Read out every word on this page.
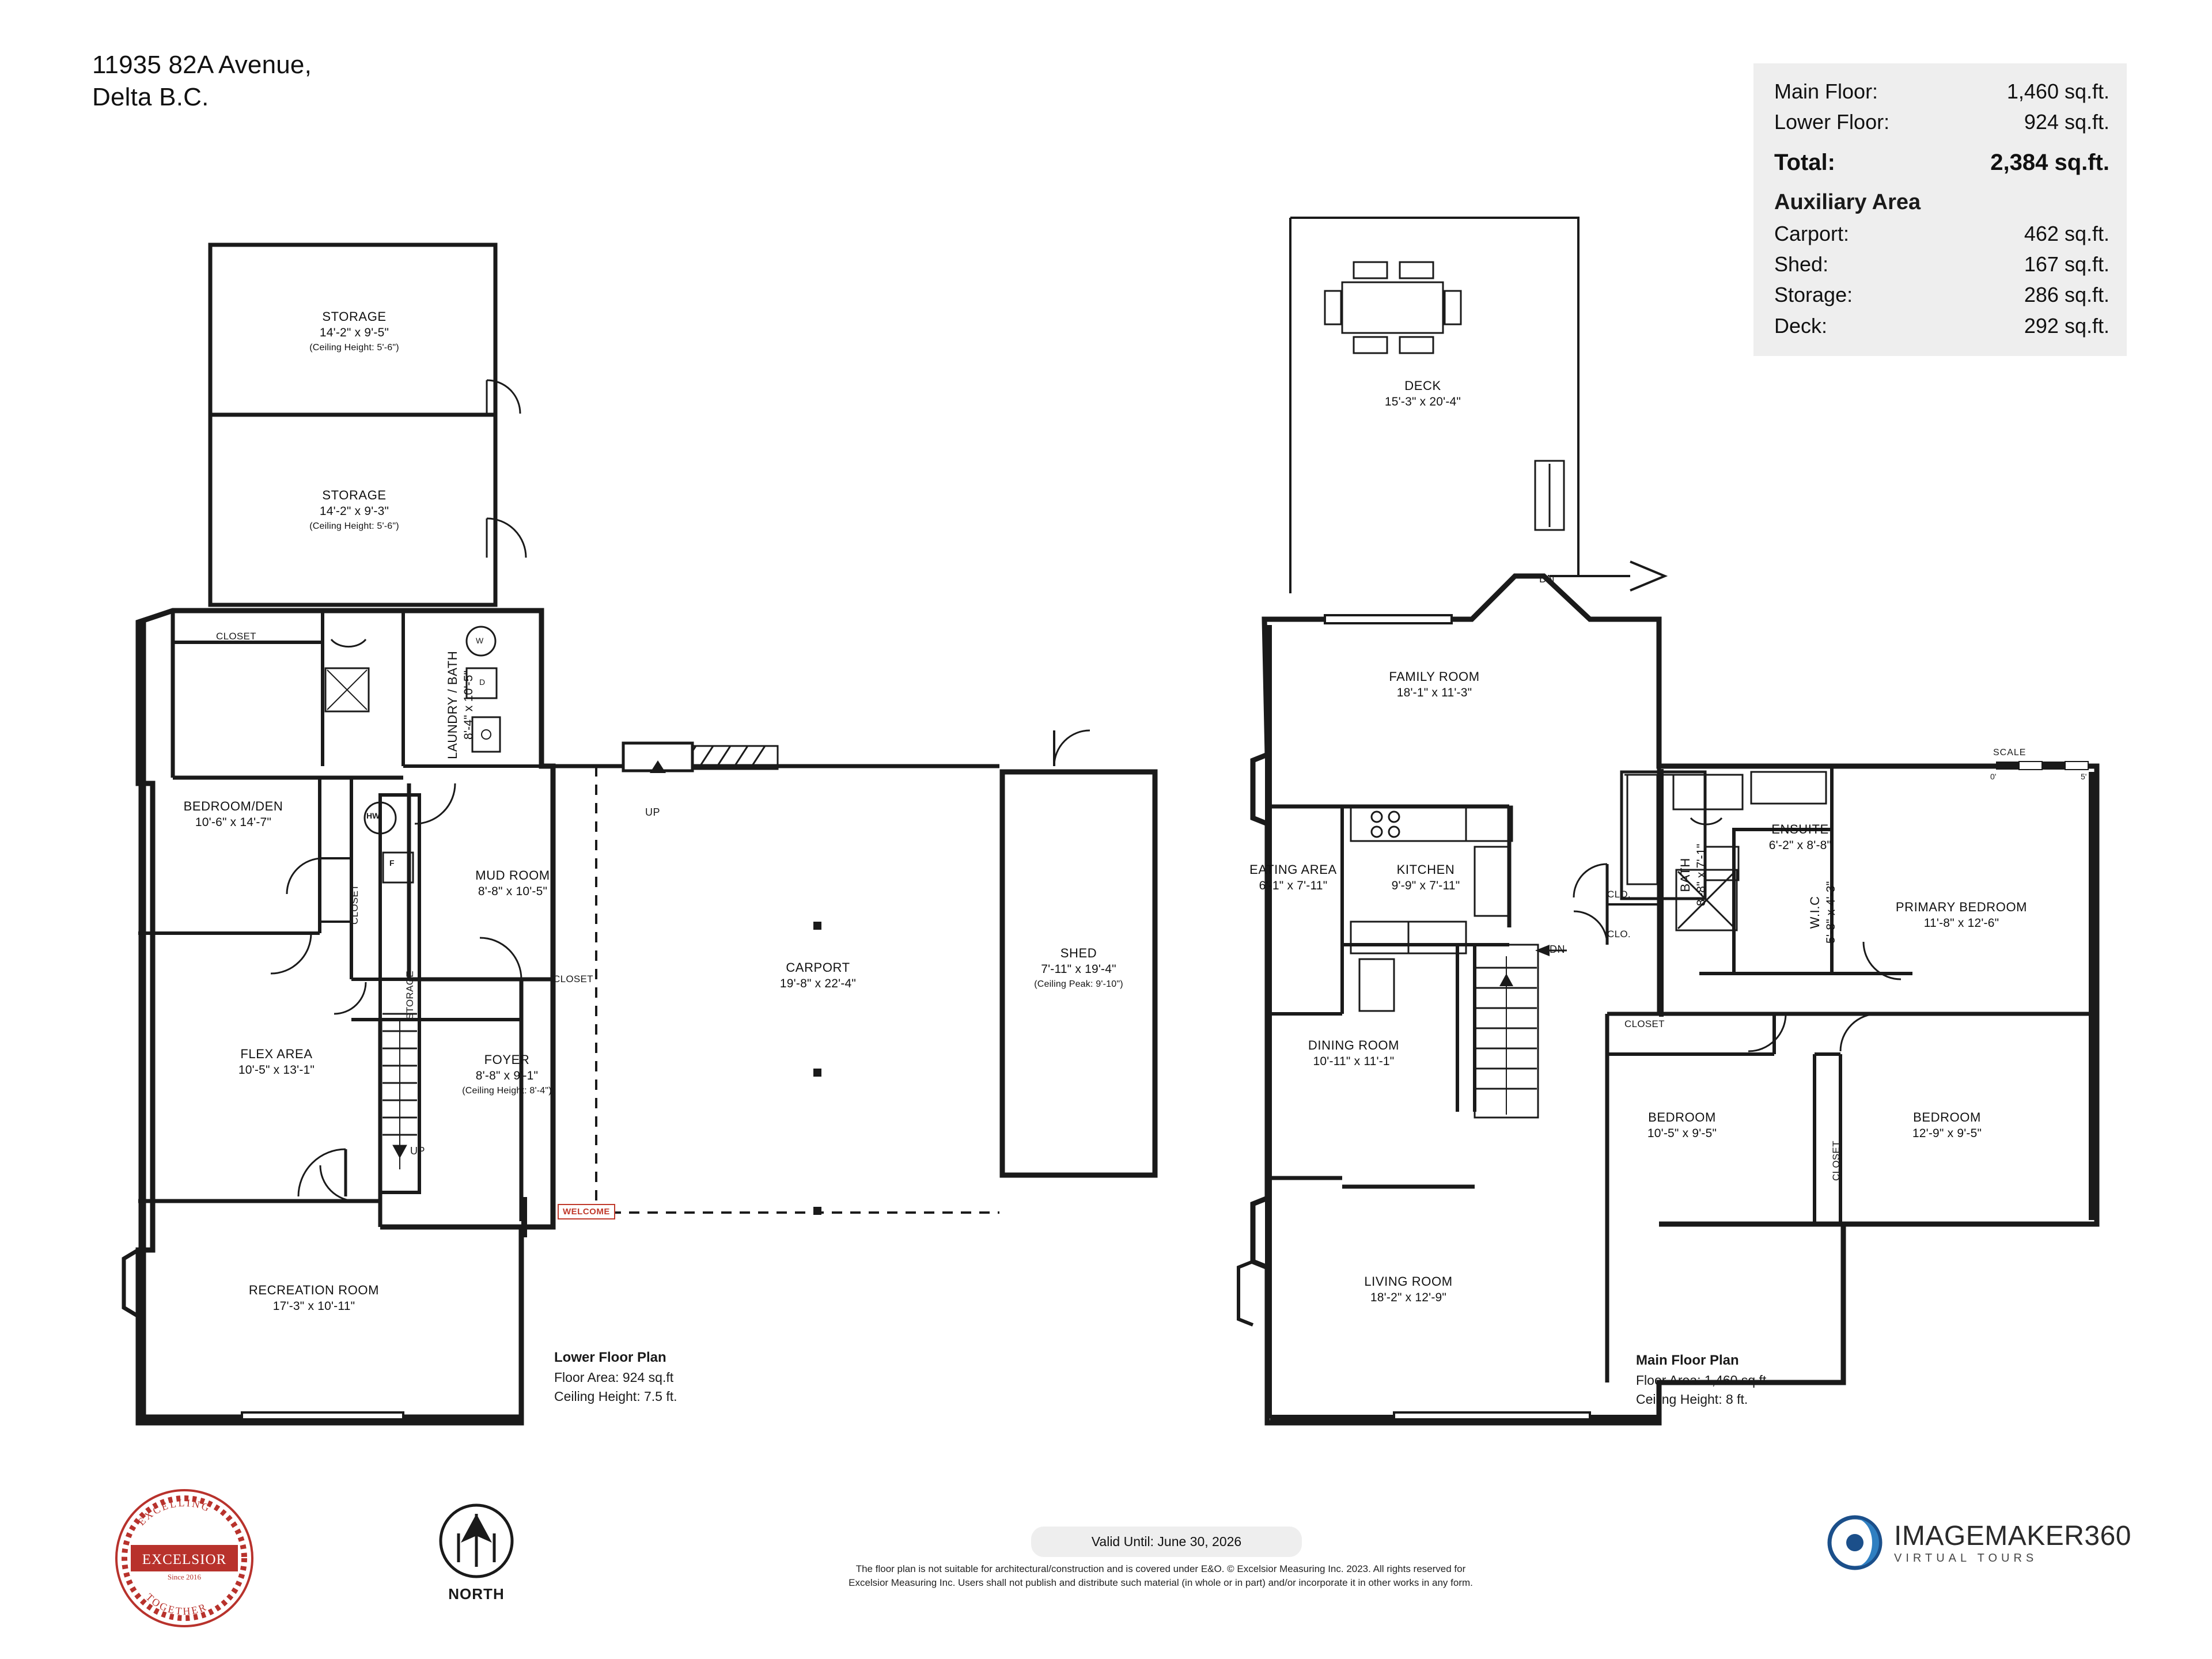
11935 82A Avenue,
Delta B.C.	Main Floor:	1,460 sq.ft.
Lower Floor:	924 sq.ft.
Total:	2,384 sq.ft.
Auxiliary Area
Carport:	462 sq.ft.
Shed:	167 sq.ft.
Storage:	286 sq.ft.
Deck:	292 sq.ft.
STORAGE
14'-2" x 9'-5"
(Ceiling Height: 5'-6")
STORAGE
14'-2" x 9'-3"
(Ceiling Height: 5'-6")
CLOSET
BEDROOM/DEN
10'-6" x 14'-7"
LAUNDRY / BATH 8'-4" x 10'-5"
W
D
HW
F
CLOSET
STORAGE
MUD ROOM
8'-8" x 10'-5"
UP
CLOSET
FLEX AREA
10'-5" x 13'-1"
FOYER
8'-8" x 9'-1"
(Ceiling Height: 8'-4")
UP
WELCOME
RECREATION ROOM
17'-3" x 10'-11"
CARPORT
19'-8" x 22'-4"
SHED
7'-11" x 19'-4"
(Ceiling Peak: 9'-10")
Lower Floor Plan
Floor Area: 924 sq.ft
Ceiling Height: 7.5 ft.
DECK
15'-3" x 20'-4"
DN
FAMILY ROOM
18'-1" x 11'-3"
EATING AREA
6'-1" x 7'-11"
KITCHEN
9'-9" x 7'-11"
DN
DINING ROOM
10'-11" x 11'-1"
LIVING ROOM
18'-2" x 12'-9"
BATH 8'-8" x 7'-1"
ENSUITE
6'-2" x 8'-8"
W.I.C 5'-8" x 4'-3"	PRIMARY BEDROOM
11'-8" x 12'-6"
BEDROOM
10'-5" x 9'-5"
BEDROOM
12'-9" x 9'-5"
CLO.
CLO.
CLOSET
CLOSET
SCALE
0'	5'
Main Floor Plan
Floor Area: 1,460 sq.ft.
Ceiling Height: 8 ft.
Valid Until: June 30, 2026
The floor plan is not suitable for architectural/construction and is covered under E&O. © Excelsior Measuring Inc. 2023. All rights reserved for
Excelsior Measuring Inc. Users shall not publish and distribute such material (in whole or in part) and/or incorporate it in other works in any form.
EXCELSIOR
Since 2016
EXCELLING
TOGETHER
NORTH
IMAGEMAKER360
VIRTUAL TOURS
